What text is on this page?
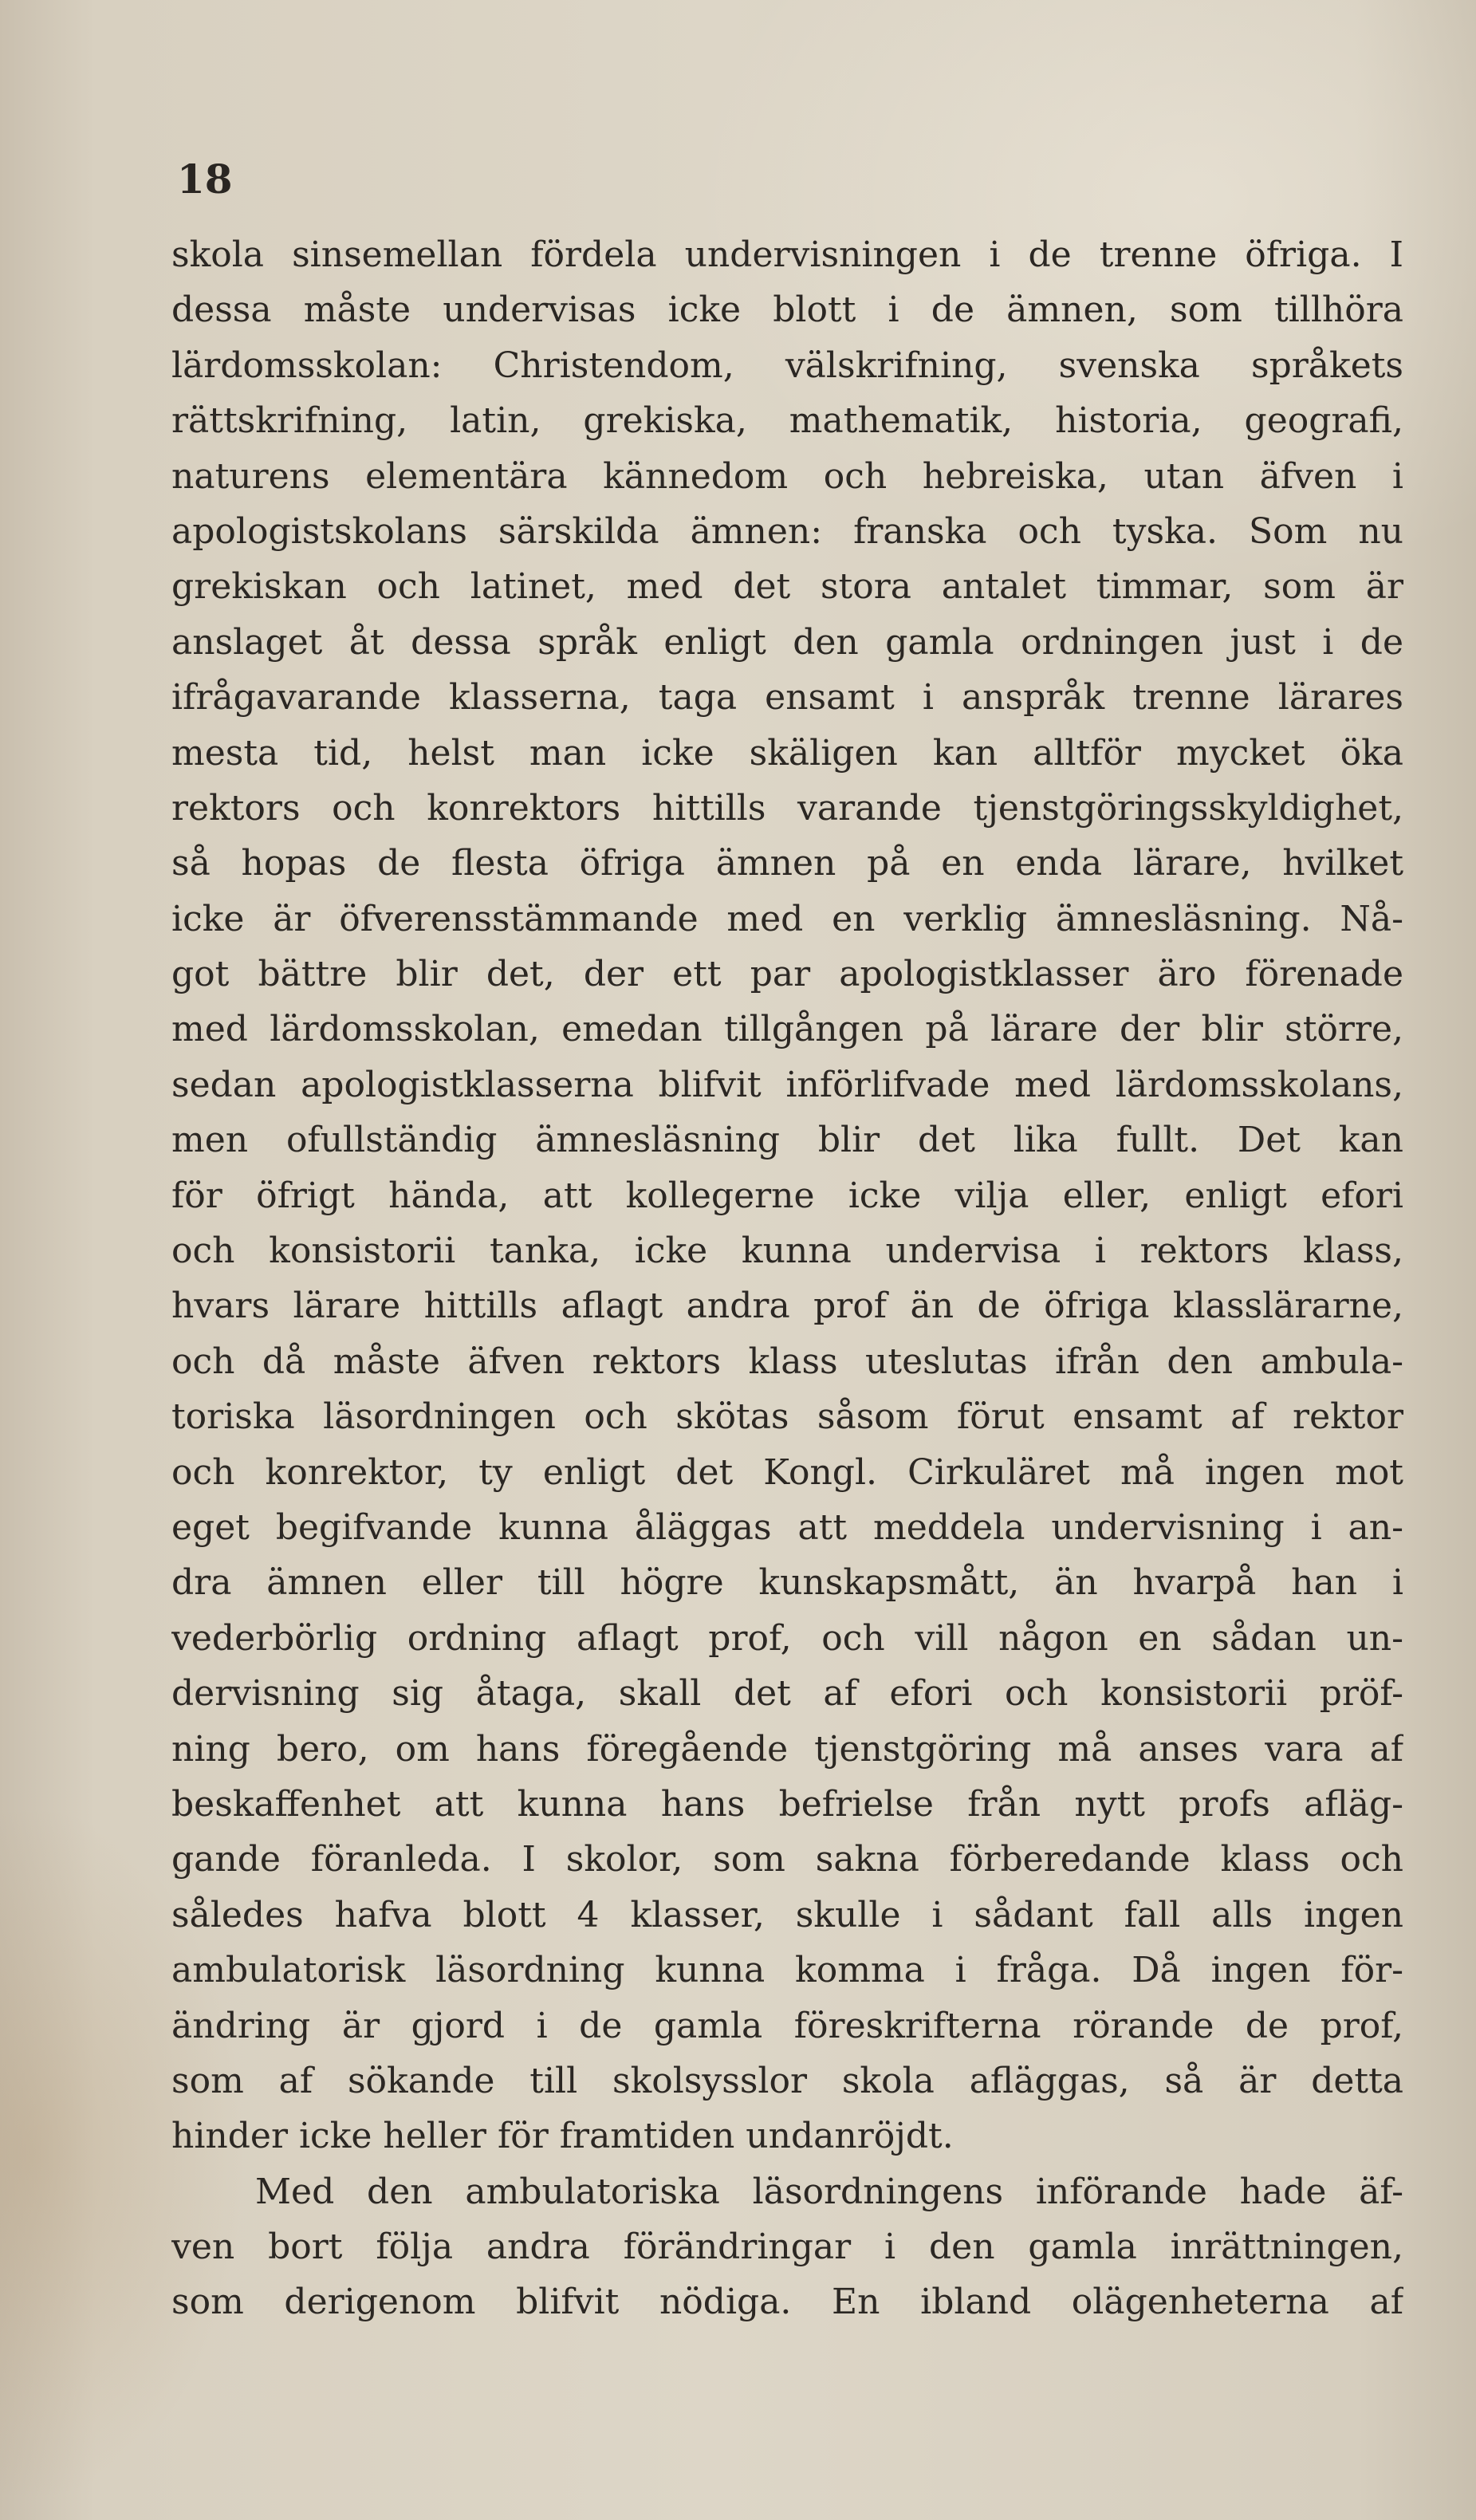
18
skola sinsemellan fördela undervisningen i de trenne öfriga. I
dessa måste undervisas icke blott i de ämnen, som tillhöra
lärdomsskolan: Christendom, välskrifning, svenska språkets
rättskrifning, latin, grekiska, mathematik, historia, geografi,
naturens elementära kännedom och hebreiska, utan äfven i
apologistskolans särskilda ämnen: franska och tyska. Som nu
grekiskan och latinet, med det stora antalet timmar, som är
anslaget åt dessa språk enligt den gamla ordningen just i de
ifrågavarande klasserna, taga ensamt i anspråk trenne lärares
mesta tid, helst man icke skäligen kan alltför mycket öka
rektors och konrektors hittills varande tjenstgöringsskyldighet,
så hopas de flesta öfriga ämnen på en enda lärare, hvilket
icke är öfverensstämmande med en verklig ämnesläsning. Nå-
got bättre blir det, der ett par apologistklasser äro förenade
med lärdomsskolan, emedan tillgången på lärare der blir större,
sedan apologistklasserna blifvit införlifvade med lärdomsskolans,
men ofullständig ämnesläsning blir det lika fullt. Det kan
för öfrigt hända, att kollegerne icke vilja eller, enligt efori
och konsistorii tanka, icke kunna undervisa i rektors klass,
hvars lärare hittills aflagt andra prof än de öfriga klasslärarne,
och då måste äfven rektors klass uteslutas ifrån den ambula-
toriska läsordningen och skötas såsom förut ensamt af rektor
och konrektor, ty enligt det Kongl. Cirkuläret må ingen mot
eget begifvande kunna åläggas att meddela undervisning i an-
dra ämnen eller till högre kunskapsmått, än hvarpå han i
vederbörlig ordning aflagt prof, och vill någon en sådan un-
dervisning sig åtaga, skall det af efori och konsistorii pröf-
ning bero, om hans föregående tjenstgöring må anses vara af
beskaffenhet att kunna hans befrielse från nytt profs afläg-
gande föranleda. I skolor, som sakna förberedande klass och
således hafva blott 4 klasser, skulle i sådant fall alls ingen
ambulatorisk läsordning kunna komma i fråga. Då ingen för-
ändring är gjord i de gamla föreskrifterna rörande de prof,
som af sökande till skolsysslor skola afläggas, så är detta
hinder icke heller för framtiden undanröjdt.
Med den ambulatoriska läsordningens införande hade äf-
ven bort följa andra förändringar i den gamla inrättningen,
som derigenom blifvit nödiga. En ibland olägenheterna af
